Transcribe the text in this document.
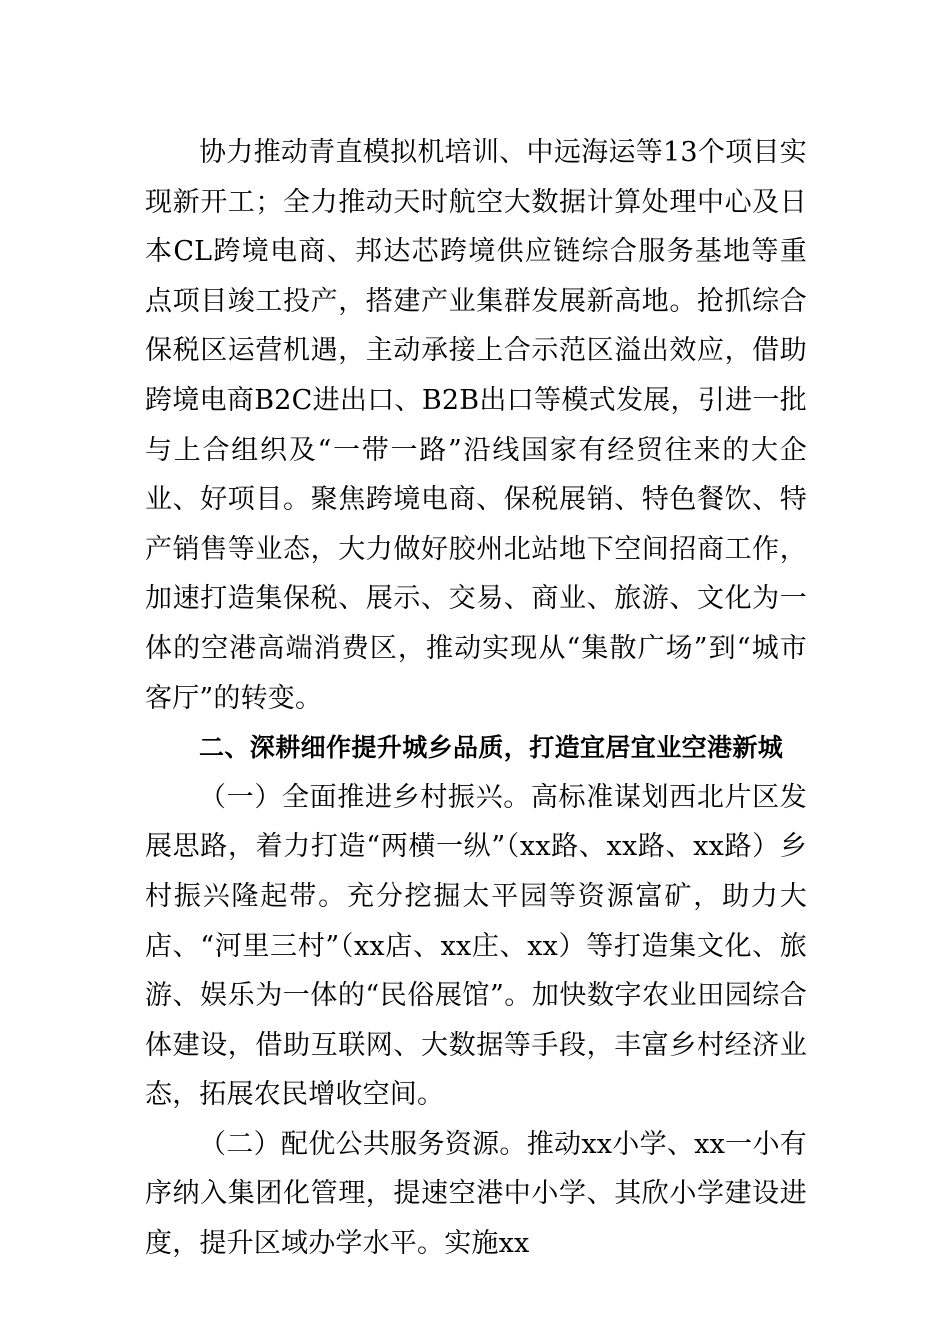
协力推动青直模拟机培训、中远海运等13个项目实现新开工；全力推动天时航空大数据计算处理中心及日本CL跨境电商、邦达芯跨境供应链综合服务基地等重点项目竣工投产，搭建产业集群发展新高地。抢抓综合保税区运营机遇，主动承接上合示范区溢出效应，借助跨境电商B2C进出口、B2B出口等模式发展，引进一批与上合组织及“一带一路”沿线国家有经贸往来的大企业、好项目。聚焦跨境电商、保税展销、特色餐饮、特产销售等业态，大力做好胶州北站地下空间招商工作，加速打造集保税、展示、交易、商业、旅游、文化为一体的空港高端消费区，推动实现从“集散广场”到“城市客厅”的转变。

二、深耕细作提升城乡品质，打造宜居宜业空港新城

（一）全面推进乡村振兴。高标准谋划西北片区发展思路，着力打造“两横一纵”（xx路、xx路、xx路）乡村振兴隆起带。充分挖掘太平园等资源富矿，助力大店、“河里三村”（xx店、xx庄、xx）等打造集文化、旅游、娱乐为一体的“民俗展馆”。加快数字农业田园综合体建设，借助互联网、大数据等手段，丰富乡村经济业态，拓展农民增收空间。

（二）配优公共服务资源。推动xx小学、xx一小有序纳入集团化管理，提速空港中小学、其欣小学建设进度，提升区域办学水平。实施xx
